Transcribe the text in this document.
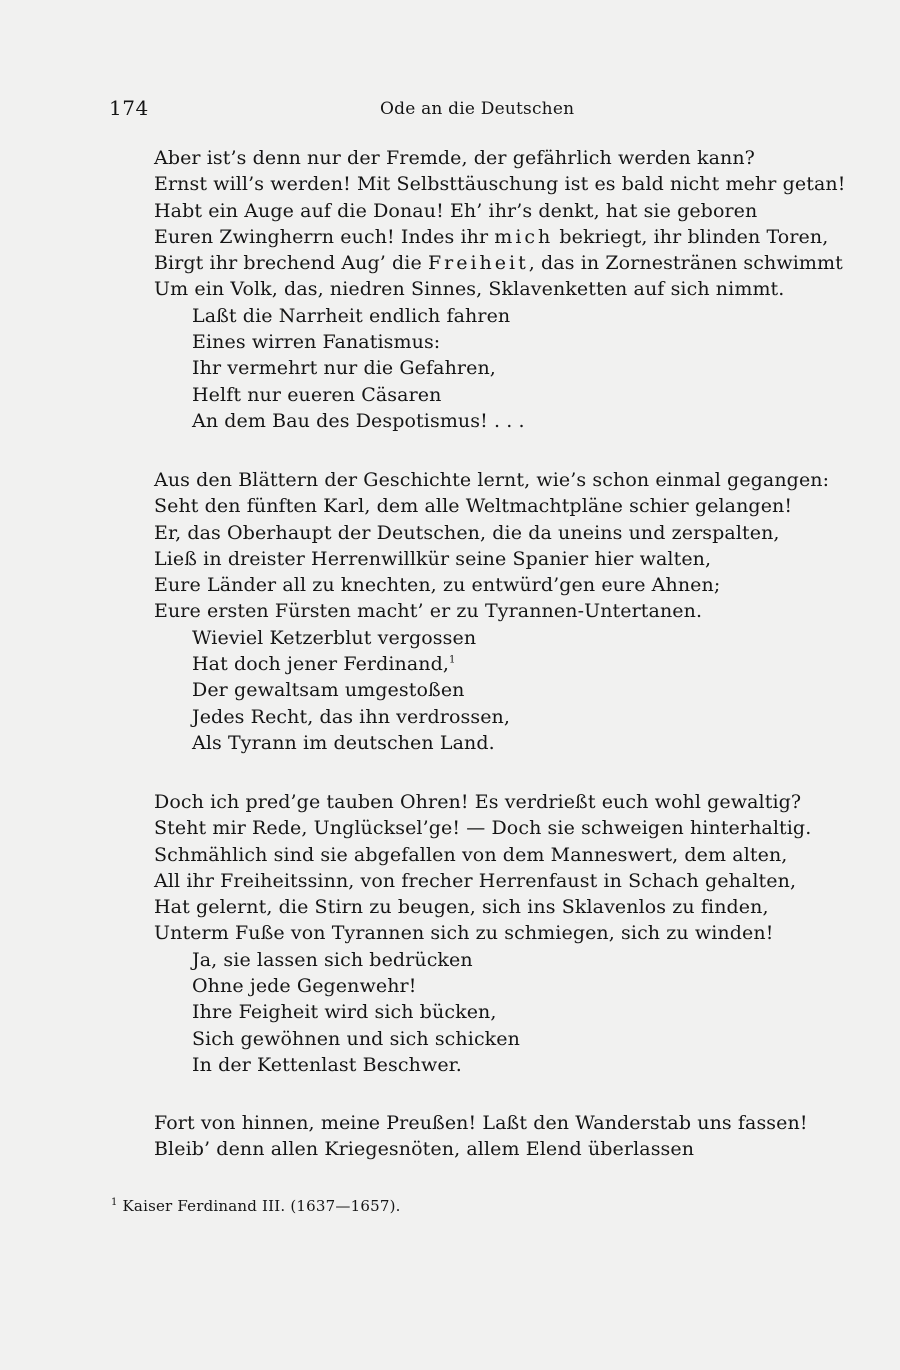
174	Ode an die Deutschen
Aber ist’s denn nur der Fremde, der gefährlich werden kann?
Ernst will’s werden! Mit Selbsttäuschung ist es bald nicht mehr getan!
Habt ein Auge auf die Donau! Eh’ ihr’s denkt, hat sie geboren
Euren Zwingherrn euch! Indes ihr mich bekriegt, ihr blinden Toren,
Birgt ihr brechend Aug’ die Freiheit, das in Zornestränen schwimmt
Um ein Volk, das, niedren Sinnes, Sklavenketten auf sich nimmt.
Laßt die Narrheit endlich fahren
Eines wirren Fanatismus:
Ihr vermehrt nur die Gefahren,
Helft nur eueren Cäsaren
An dem Bau des Despotismus! . . .
Aus den Blättern der Geschichte lernt, wie’s schon einmal gegangen:
Seht den fünften Karl, dem alle Weltmachtpläne schier gelangen!
Er, das Oberhaupt der Deutschen, die da uneins und zerspalten,
Ließ in dreister Herrenwillkür seine Spanier hier walten,
Eure Länder all zu knechten, zu entwürd’gen eure Ahnen;
Eure ersten Fürsten macht’ er zu Tyrannen-Untertanen.
Wieviel Ketzerblut vergossen
Hat doch jener Ferdinand,$^1$
Der gewaltsam umgestoßen
Jedes Recht, das ihn verdrossen,
Als Tyrann im deutschen Land.
Doch ich pred’ge tauben Ohren! Es verdrießt euch wohl gewaltig?
Steht mir Rede, Unglücksel’ge! — Doch sie schweigen hinterhaltig.
Schmählich sind sie abgefallen von dem Manneswert, dem alten,
All ihr Freiheitssinn, von frecher Herrenfaust in Schach gehalten,
Hat gelernt, die Stirn zu beugen, sich ins Sklavenlos zu finden,
Unterm Fuße von Tyrannen sich zu schmiegen, sich zu winden!
Ja, sie lassen sich bedrücken
Ohne jede Gegenwehr!
Ihre Feigheit wird sich bücken,
Sich gewöhnen und sich schicken
In der Kettenlast Beschwer.
Fort von hinnen, meine Preußen! Laßt den Wanderstab uns fassen!
Bleib’ denn allen Kriegesnöten, allem Elend überlassen
$^1$ Kaiser Ferdinand III. (1637—1657).
